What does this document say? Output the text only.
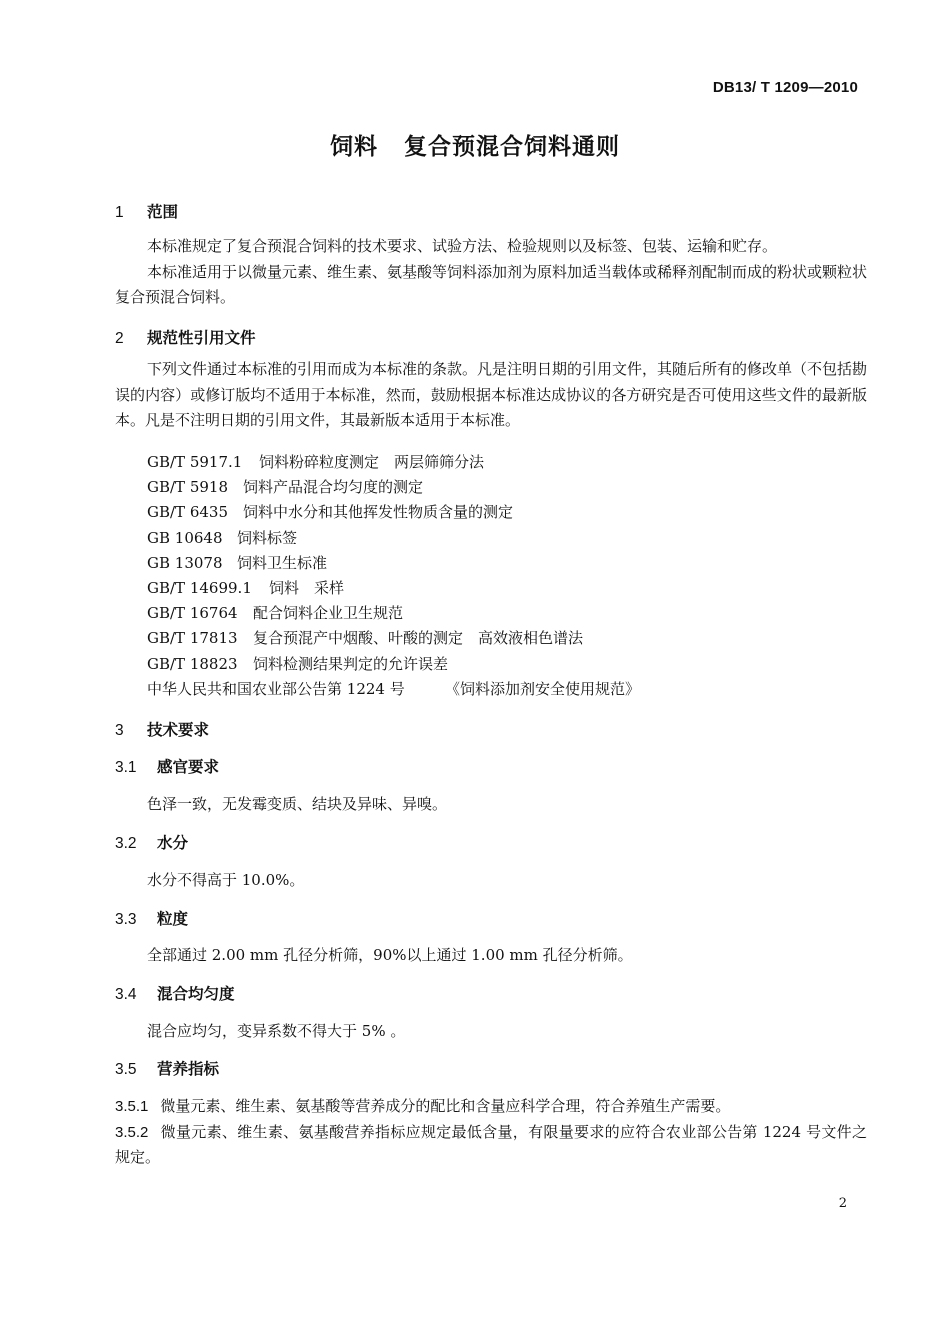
DB13/ T 1209—2010
饲料 复合预混合饲料通则
1 范围
本标准规定了复合预混合饲料的技术要求、试验方法、检验规则以及标签、包装、运输和贮存。
本标准适用于以微量元素、维生素、氨基酸等饲料添加剂为原料加适当载体或稀释剂配制而成的粉状或颗粒状复合预混合饲料。
2 规范性引用文件
下列文件通过本标准的引用而成为本标准的条款。凡是注明日期的引用文件，其随后所有的修改单（不包括勘误的内容）或修订版均不适用于本标准，然而，鼓励根据本标准达成协议的各方研究是否可使用这些文件的最新版本。凡是不注明日期的引用文件，其最新版本适用于本标准。
GB/T 5917.1 饲料粉碎粒度测定　两层筛筛分法
GB/T 5918 饲料产品混合均匀度的测定
GB/T 6435 饲料中水分和其他挥发性物质含量的测定
GB 10648 饲料标签
GB 13078 饲料卫生标准
GB/T 14699.1 饲料　采样
GB/T 16764 配合饲料企业卫生规范
GB/T 17813 复合预混产中烟酸、叶酸的测定　高效液相色谱法
GB/T 18823 饲料检测结果判定的允许误差
中华人民共和国农业部公告第 1224 号	《饲料添加剂安全使用规范》
3 技术要求
3.1 感官要求
色泽一致，无发霉变质、结块及异味、异嗅。
3.2 水分
水分不得高于 10.0%。
3.3 粒度
全部通过 2.00 mm 孔径分析筛，90%以上通过 1.00 mm 孔径分析筛。
3.4 混合均匀度
混合应均匀，变异系数不得大于 5% 。
3.5 营养指标
3.5.1 微量元素、维生素、氨基酸等营养成分的配比和含量应科学合理，符合养殖生产需要。
3.5.2 微量元素、维生素、氨基酸营养指标应规定最低含量，有限量要求的应符合农业部公告第 1224 号文件之规定。
2
